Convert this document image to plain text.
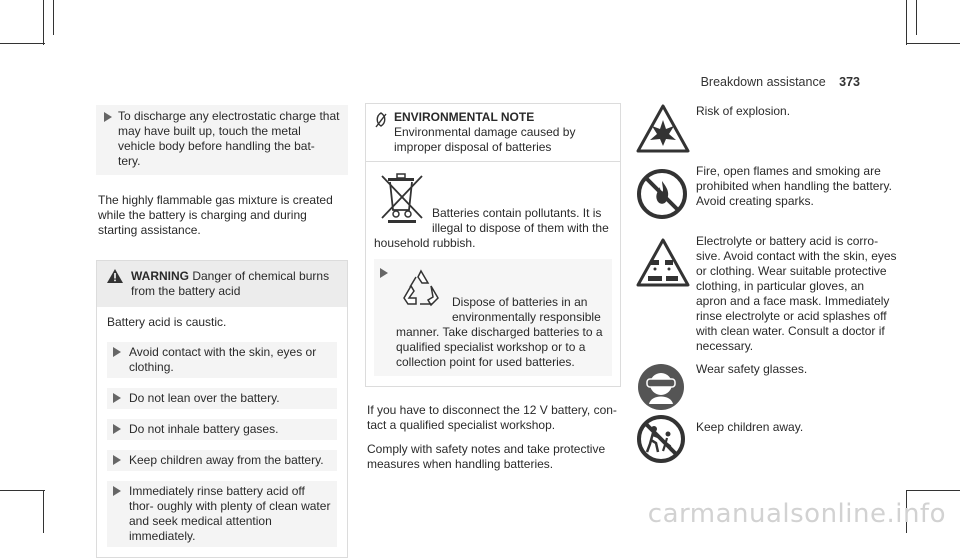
Breakdown assistance 373

To discharge any electrostatic charge that may have built up, touch the metal vehicle body before handling the bat- tery.

The highly flammable gas mixture is created while the battery is charging and during starting assistance.

WARNING Danger of chemical burns from the battery acid

Battery acid is caustic.

Avoid contact with the skin, eyes or clothing.

Do not lean over the battery.

Do not inhale battery gases.

Keep children away from the battery.

Immediately rinse battery acid off thor- oughly with plenty of clean water and seek medical attention immediately.

ENVIRONMENTAL NOTE Environmental damage caused by improper disposal of batteries

Batteries contain pollutants. It is illegal to dispose of them with the household rubbish.

Dispose of batteries in an environmentally responsible manner. Take discharged batteries to a qualified specialist workshop or to a collection point for used batteries.

If you have to disconnect the 12 V battery, con- tact a qualified specialist workshop.

Comply with safety notes and take protective measures when handling batteries.

Risk of explosion.

Fire, open flames and smoking are prohibited when handling the battery. Avoid creating sparks.

Electrolyte or battery acid is corro- sive. Avoid contact with the skin, eyes or clothing. Wear suitable protective clothing, in particular gloves, an apron and a face mask. Immediately rinse electrolyte or acid splashes off with clean water. Consult a doctor if necessary.

Wear safety glasses.

Keep children away.

carmanualsonline.info
